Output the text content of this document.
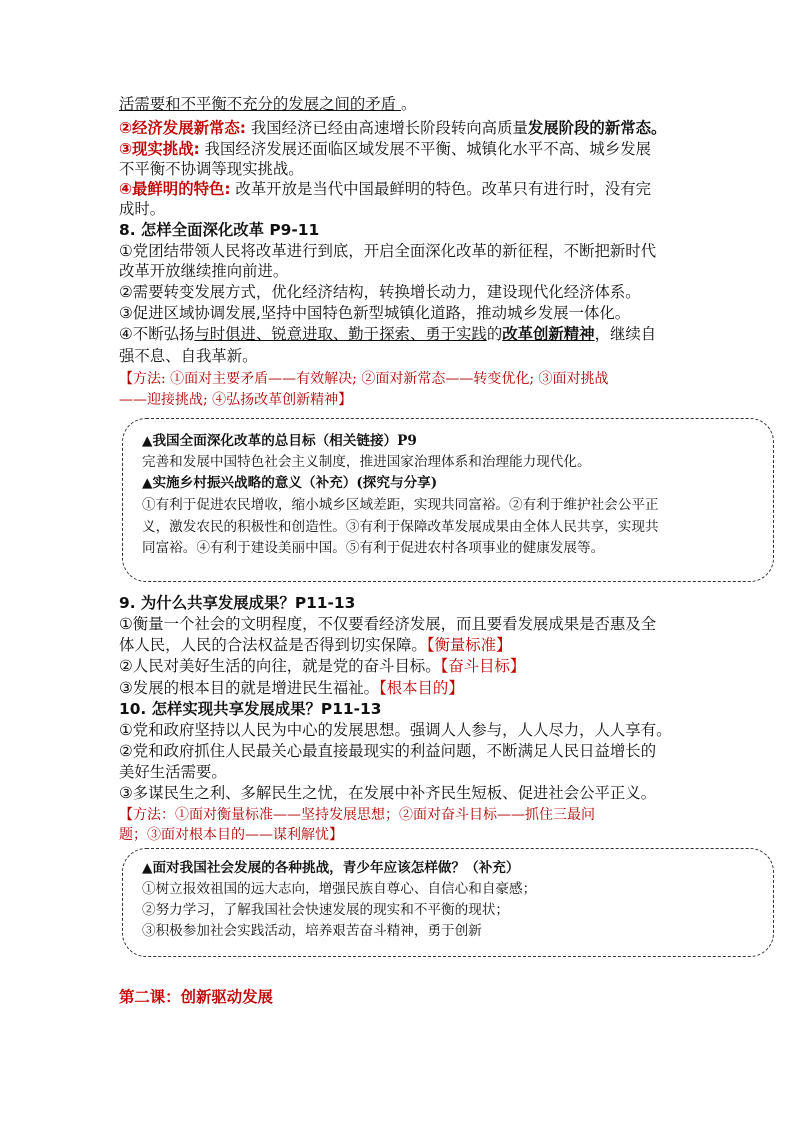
活需要和不平衡不充分的发展之间的矛盾 。
②经济发展新常态: 我国经济已经由高速增长阶段转向高质量发展阶段的新常态。
③现实挑战: 我国经济发展还面临区域发展不平衡、城镇化水平不高、城乡发展
不平衡不协调等现实挑战。
④最鲜明的特色: 改革开放是当代中国最鲜明的特色。改革只有进行时，没有完
成时。
8. 怎样全面深化改革 P9-11
①党团结带领人民将改革进行到底，开启全面深化改革的新征程，不断把新时代
改革开放继续推向前进。
②需要转变发展方式，优化经济结构，转换增长动力，建设现代化经济体系。
③促进区域协调发展,坚持中国特色新型城镇化道路，推动城乡发展一体化。
④不断弘扬与时俱进、锐意进取、勤于探索、勇于实践的改革创新精神，继续自
强不息、自我革新。
【方法: ①面对主要矛盾——有效解决; ②面对新常态——转变优化; ③面对挑战
——迎接挑战; ④弘扬改革创新精神】
9. 为什么共享发展成果？P11-13
①衡量一个社会的文明程度，不仅要看经济发展，而且要看发展成果是否惠及全
体人民，人民的合法权益是否得到切实保障。【衡量标准】
②人民对美好生活的向往，就是党的奋斗目标。【奋斗目标】
③发展的根本目的就是增进民生福祉。【根本目的】
10. 怎样实现共享发展成果？P11-13
①党和政府坚持以人民为中心的发展思想。强调人人参与，人人尽力，人人享有。
②党和政府抓住人民最关心最直接最现实的利益问题，不断满足人民日益增长的
美好生活需要。
③多谋民生之利、多解民生之忧，在发展中补齐民生短板、促进社会公平正义。
【方法：①面对衡量标准——坚持发展思想；②面对奋斗目标——抓住三最问
题；③面对根本目的——谋利解忧】
第二课：创新驱动发展
▲我国全面深化改革的总目标（相关链接）P9
完善和发展中国特色社会主义制度，推进国家治理体系和治理能力现代化。
▲实施乡村振兴战略的意义（补充）(探究与分享)
①有利于促进农民增收，缩小城乡区域差距，实现共同富裕。②有利于维护社会公平正
义，激发农民的积极性和创造性。③有利于保障改革发展成果由全体人民共享，实现共
同富裕。④有利于建设美丽中国。⑤有利于促进农村各项事业的健康发展等。
▲面对我国社会发展的各种挑战，青少年应该怎样做？（补充）
①树立报效祖国的远大志向，增强民族自尊心、自信心和自豪感；
②努力学习，了解我国社会快速发展的现实和不平衡的现状；
③积极参加社会实践活动，培养艰苦奋斗精神，勇于创新
